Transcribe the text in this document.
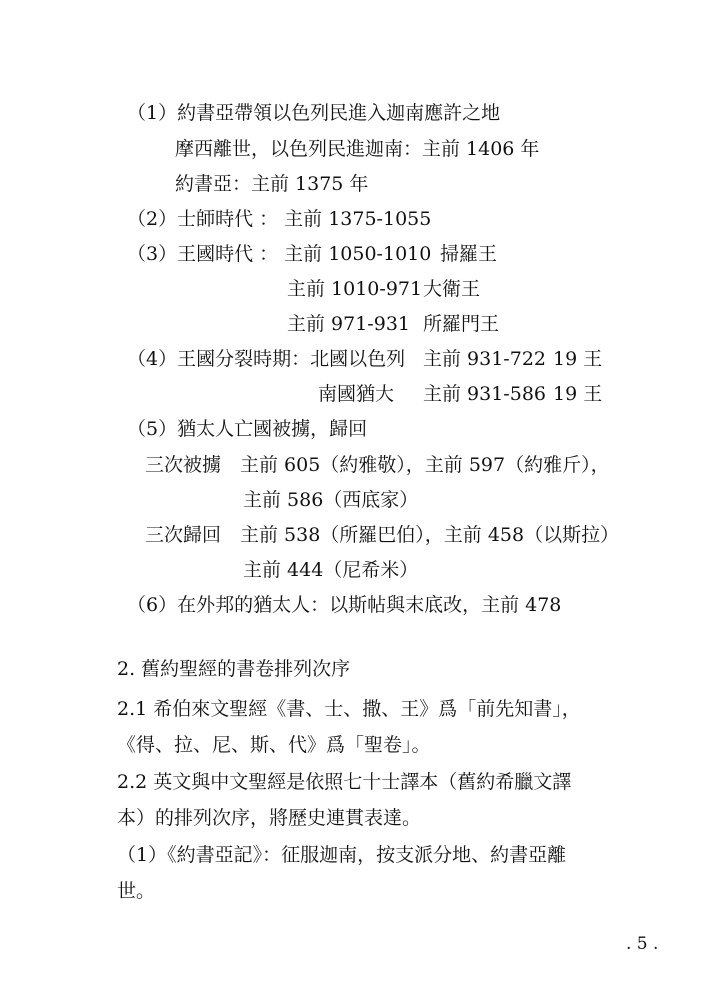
（1）約書亞帶領以色列民進入迦南應許之地
摩西離世，以色列民進迦南：主前 1406 年
約書亞：主前 1375 年
（2）士師時代 ： 主前 1375-1055
（3）王國時代 ： 主前 1050-1010 掃羅王
主前 1010-971 大衛王
主前 971-931 所羅門王
（4）王國分裂時期：北國以色列 主前 931-722 19 王
南國猶大 主前 931-586 19 王
（5）猶太人亡國被擄，歸回
三次被擄　主前 605（約雅敬），主前 597（約雅斤），
主前 586（西底家）
三次歸回　主前 538（所羅巴伯），主前 458（以斯拉）
主前 444（尼希米）
（6）在外邦的猶太人：以斯帖與末底改，主前 478
2. 舊約聖經的書卷排列次序
2.1 希伯來文聖經《書、士、撒、王》爲「前先知書」，
《得、拉、尼、斯、代》爲「聖卷」。
2.2 英文與中文聖經是依照七十士譯本（舊約希臘文譯
本）的排列次序，將歷史連貫表達。
（1）《約書亞記》：征服迦南，按支派分地、約書亞離
世。
. 5 .
